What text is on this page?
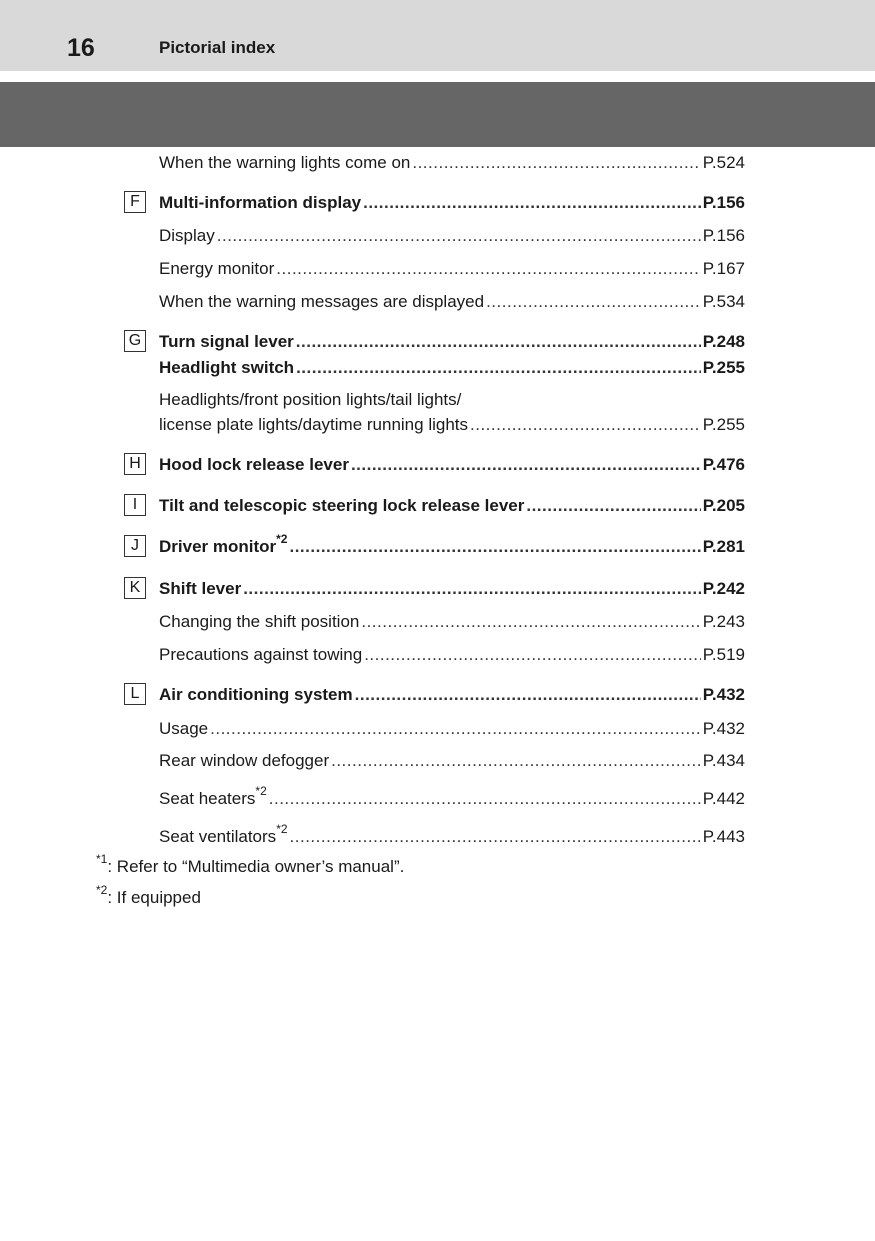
16	Pictorial index
When the warning lights come on .....	P.524
F	Multi-information display .....	P.156
Display .....	P.156
Energy monitor .....	P.167
When the warning messages are displayed .....	P.534
G Turn signal lever .....	P.248
Headlight switch .....	P.255
Headlights/front position lights/tail lights/
license plate lights/daytime running lights .....	P.255
H	Hood lock release lever .....	P.476
I	Tilt and telescopic steering lock release lever .....	P.205
J	Driver monitor$^{*2}$ .....	P.281
K	Shift lever .....	P.242
Changing the shift position .....	P.243
Precautions against towing .....	P.519
L	Air conditioning system .....	P.432
Usage .....	P.432
Rear window defogger .....	P.434
Seat heaters$^{*2}$ .....	P.442
Seat ventilators$^{*2}$ .....	P.443
$^{*1}$: Refer to “Multimedia owner’s manual”.
$^{*2}$: If equipped
